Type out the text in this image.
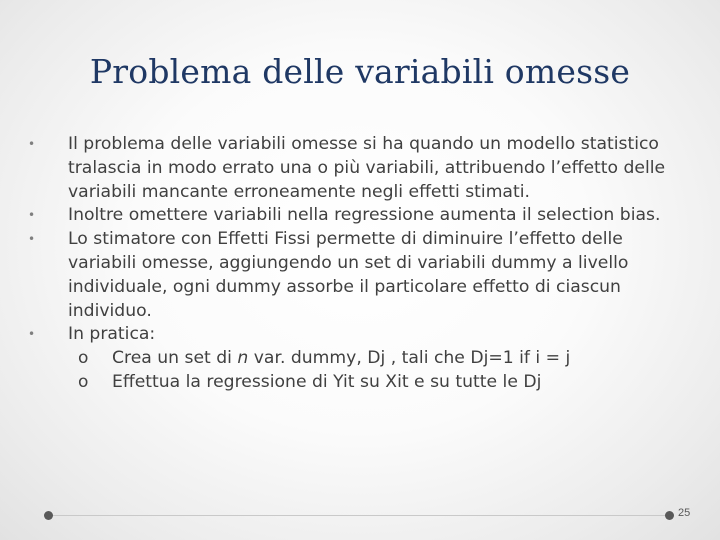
Problema delle variabili omesse
•	Il problema delle variabili omesse si ha quando un modello statistico tralascia in modo errato una o più variabili, attribuendo l’effetto delle variabili mancante erroneamente negli effetti stimati.
•	Inoltre omettere variabili nella regressione aumenta il selection bias.
•	Lo stimatore con Effetti Fissi permette di diminuire l’effetto delle variabili omesse, aggiungendo un set di variabili dummy a livello individuale, ogni dummy assorbe il particolare effetto di ciascun individuo.
•	In pratica:
o Crea un set di n var. dummy, Dj , tali che Dj=1 if i = j
o Effettua la regressione di Yit su Xit e su tutte le Dj
25
